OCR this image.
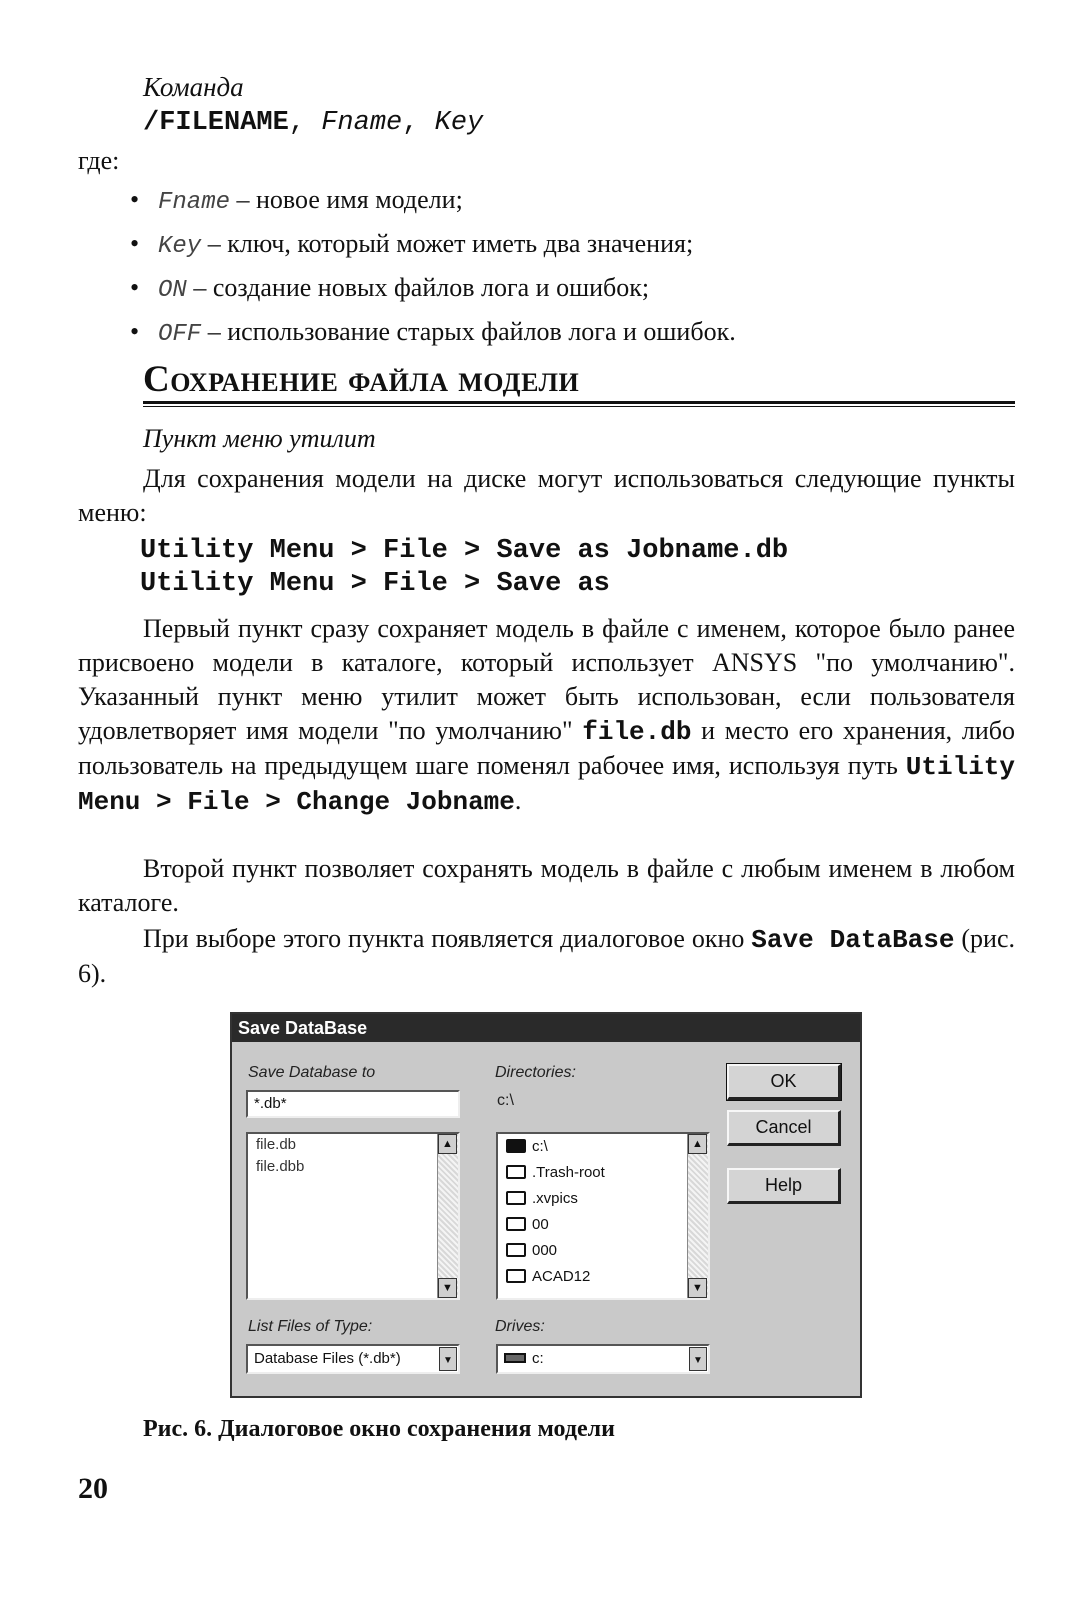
Команда
/FILENAME, Fname, Key
где:
• Fname – новое имя модели;
• Key – ключ, который может иметь два значения;
• ON – создание новых файлов лога и ошибок;
• OFF – использование старых файлов лога и ошибок.
Сохранение файла модели
Пункт меню утилит
Для сохранения модели на диске могут использоваться следующие пункты меню:
Utility Menu > File > Save as Jobname.db
Utility Menu > File > Save as
Первый пункт сразу сохраняет модель в файле с именем, которое было ранее присвоено модели в каталоге, который использует ANSYS "по умолчанию". Указанный пункт меню утилит может быть использован, если пользователя удовлетворяет имя модели "по умолчанию" file.db и место его хранения, либо пользователь на предыдущем шаге поменял рабочее имя, используя путь Utility Menu > File > Change Jobname.
Второй пункт позволяет сохранять модель в файле с любым именем в любом каталоге.
При выборе этого пункта появляется диалоговое окно Save DataBase (рис. 6).
Save DataBase
Save Database to
*.db*
file.db
file.dbb
▲
▼
Directories:
c:\
c:\
.Trash-root
.xvpics
00
000
ACAD12
▲
▼
List Files of Type:
Database Files (*.db*)	▼
Drives:
c:	▼
OK
Cancel
Help
Рис. 6. Диалоговое окно сохранения модели
20
